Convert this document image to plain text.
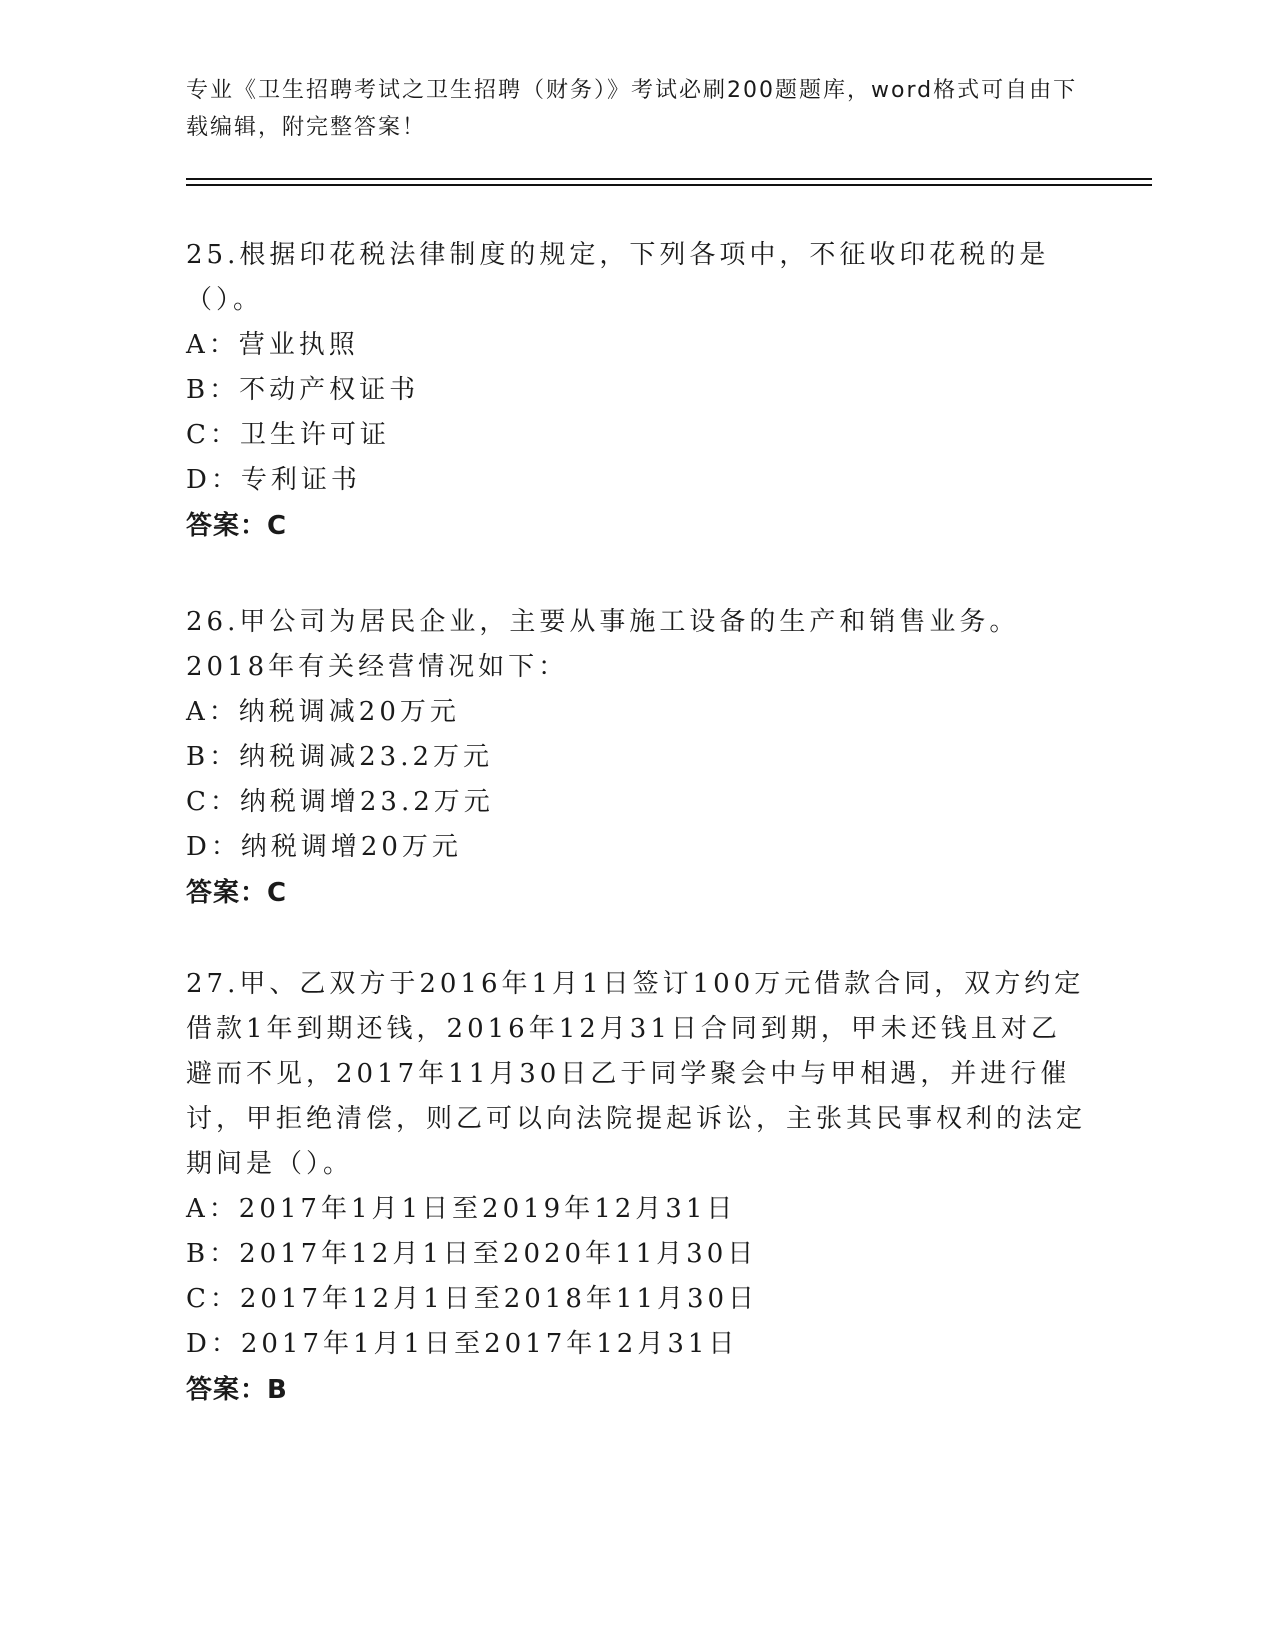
专业《卫生招聘考试之卫生招聘（财务）》考试必刷200题题库，word格式可自由下载编辑，附完整答案！
25.根据印花税法律制度的规定，下列各项中，不征收印花税的是（）。
A：营业执照
B：不动产权证书
C：卫生许可证
D：专利证书
答案：C
26.甲公司为居民企业，主要从事施工设备的生产和销售业务。2018年有关经营情况如下：
A：纳税调减20万元
B：纳税调减23.2万元
C：纳税调增23.2万元
D：纳税调增20万元
答案：C
27.甲、乙双方于2016年1月1日签订100万元借款合同，双方约定借款1年到期还钱，2016年12月31日合同到期，甲未还钱且对乙避而不见，2017年11月30日乙于同学聚会中与甲相遇，并进行催讨，甲拒绝清偿，则乙可以向法院提起诉讼，主张其民事权利的法定期间是（）。
A：2017年1月1日至2019年12月31日
B：2017年12月1日至2020年11月30日
C：2017年12月1日至2018年11月30日
D：2017年1月1日至2017年12月31日
答案：B
